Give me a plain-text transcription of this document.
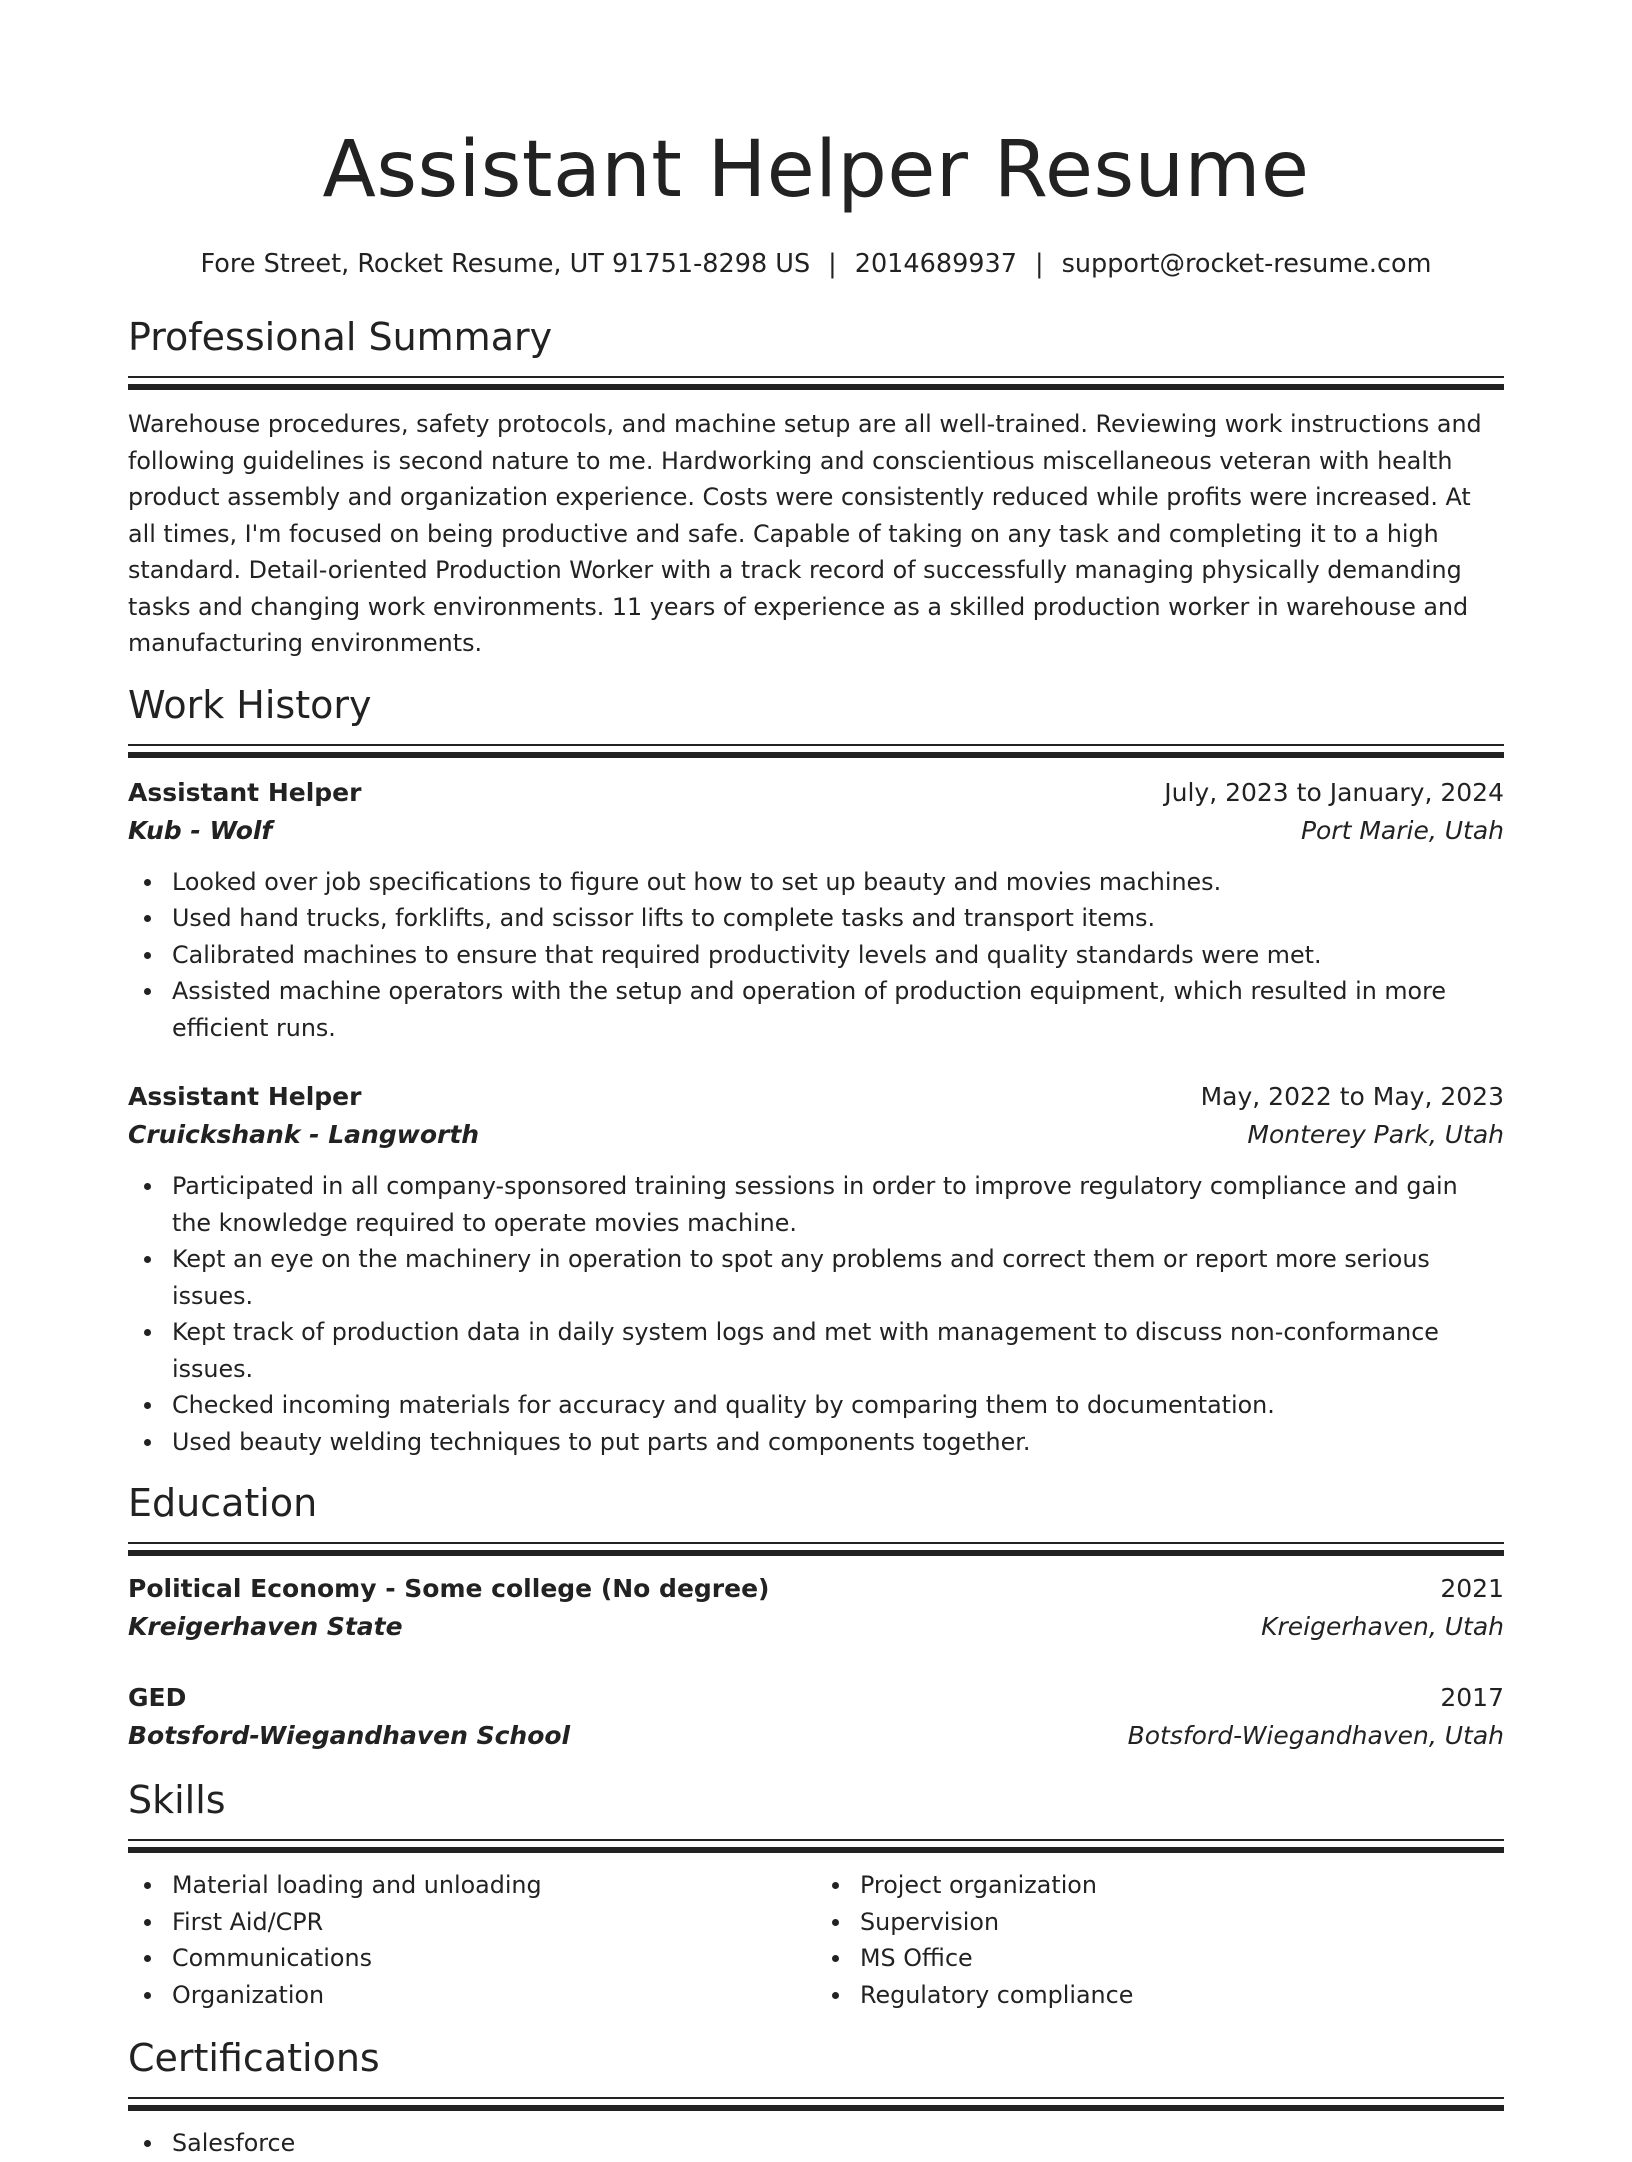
Assistant Helper Resume
Fore Street, Rocket Resume, UT 91751-8298 US | 2014689937 | support@rocket-resume.com
Professional Summary

Warehouse procedures, safety protocols, and machine setup are all well-trained. Reviewing work instructions and following guidelines is second nature to me. Hardworking and conscientious miscellaneous veteran with health product assembly and organization experience. Costs were consistently reduced while profits were increased. At all times, I'm focused on being productive and safe. Capable of taking on any task and completing it to a high standard. Detail-oriented Production Worker with a track record of successfully managing physically demanding tasks and changing work environments. 11 years of experience as a skilled production worker in warehouse and manufacturing environments.

Work History
Assistant Helper	July, 2023 to January, 2024
Kub - Wolf	Port Marie, Utah
Looked over job specifications to figure out how to set up beauty and movies machines.
Used hand trucks, forklifts, and scissor lifts to complete tasks and transport items.
Calibrated machines to ensure that required productivity levels and quality standards were met.
Assisted machine operators with the setup and operation of production equipment, which resulted in more efficient runs.
Assistant Helper	May, 2022 to May, 2023
Cruickshank - Langworth	Monterey Park, Utah
Participated in all company-sponsored training sessions in order to improve regulatory compliance and gain the knowledge required to operate movies machine.
Kept an eye on the machinery in operation to spot any problems and correct them or report more serious issues.
Kept track of production data in daily system logs and met with management to discuss non-conformance issues.
Checked incoming materials for accuracy and quality by comparing them to documentation.
Used beauty welding techniques to put parts and components together.
Education
Political Economy - Some college (No degree)	2021
Kreigerhaven State	Kreigerhaven, Utah
GED	2017
Botsford-Wiegandhaven School	Botsford-Wiegandhaven, Utah
Skills
Material loading and unloading
First Aid/CPR
Communications
Organization
Project organization
Supervision
MS Office
Regulatory compliance
Certifications
Salesforce
